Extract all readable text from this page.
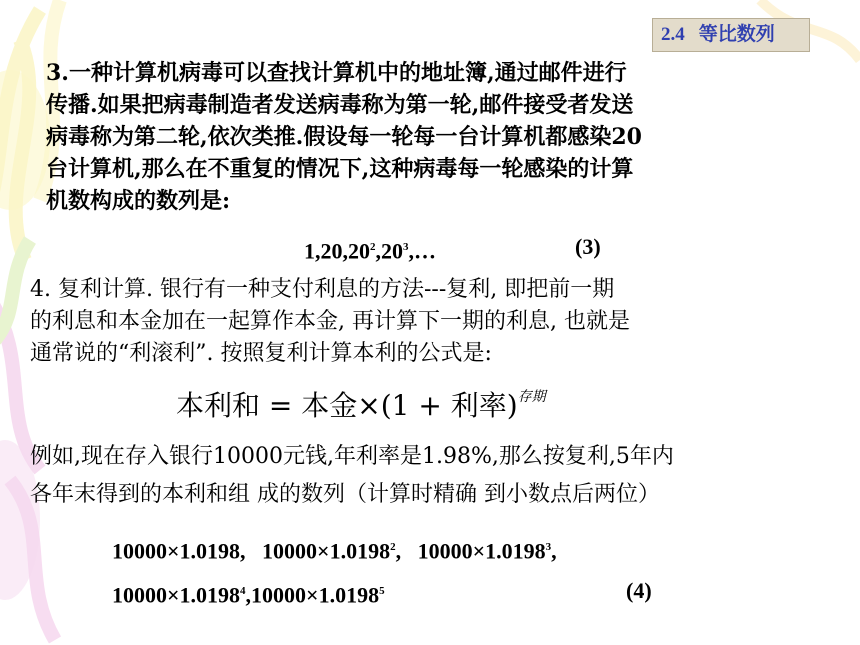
2.4 等比数列
3.一种计算机病毒可以查找计算机中的地址簿,通过邮件进行
传播.如果把病毒制造者发送病毒称为第一轮,邮件接受者发送
病毒称为第二轮,依次类推.假设每一轮每一台计算机都感染20
台计算机,那么在不重复的情况下,这种病毒每一轮感染的计算
机数构成的数列是:
$1,20,20^2,20^3,\dots$	(3)
4. 复利计算. 银行有一种支付利息的方法---复利, 即把前一期
的利息和本金加在一起算作本金, 再计算下一期的利息, 也就是
通常说的“利滚利”. 按照复利计算本利的公式是:
本利和 = 本金×(1 + 利率)$^{存期}$
例如,现在存入银行10000元钱,年利率是1.98%,那么按复利,5年内
各年末得到的本利和组 成的数列（计算时精确 到小数点后两位）
10000×1.0198, $10000\times 1.0198^2$, $10000\times 1.0198^3$,
$10000\times 1.0198^4,10000\times 1.0198^5$	(4)
